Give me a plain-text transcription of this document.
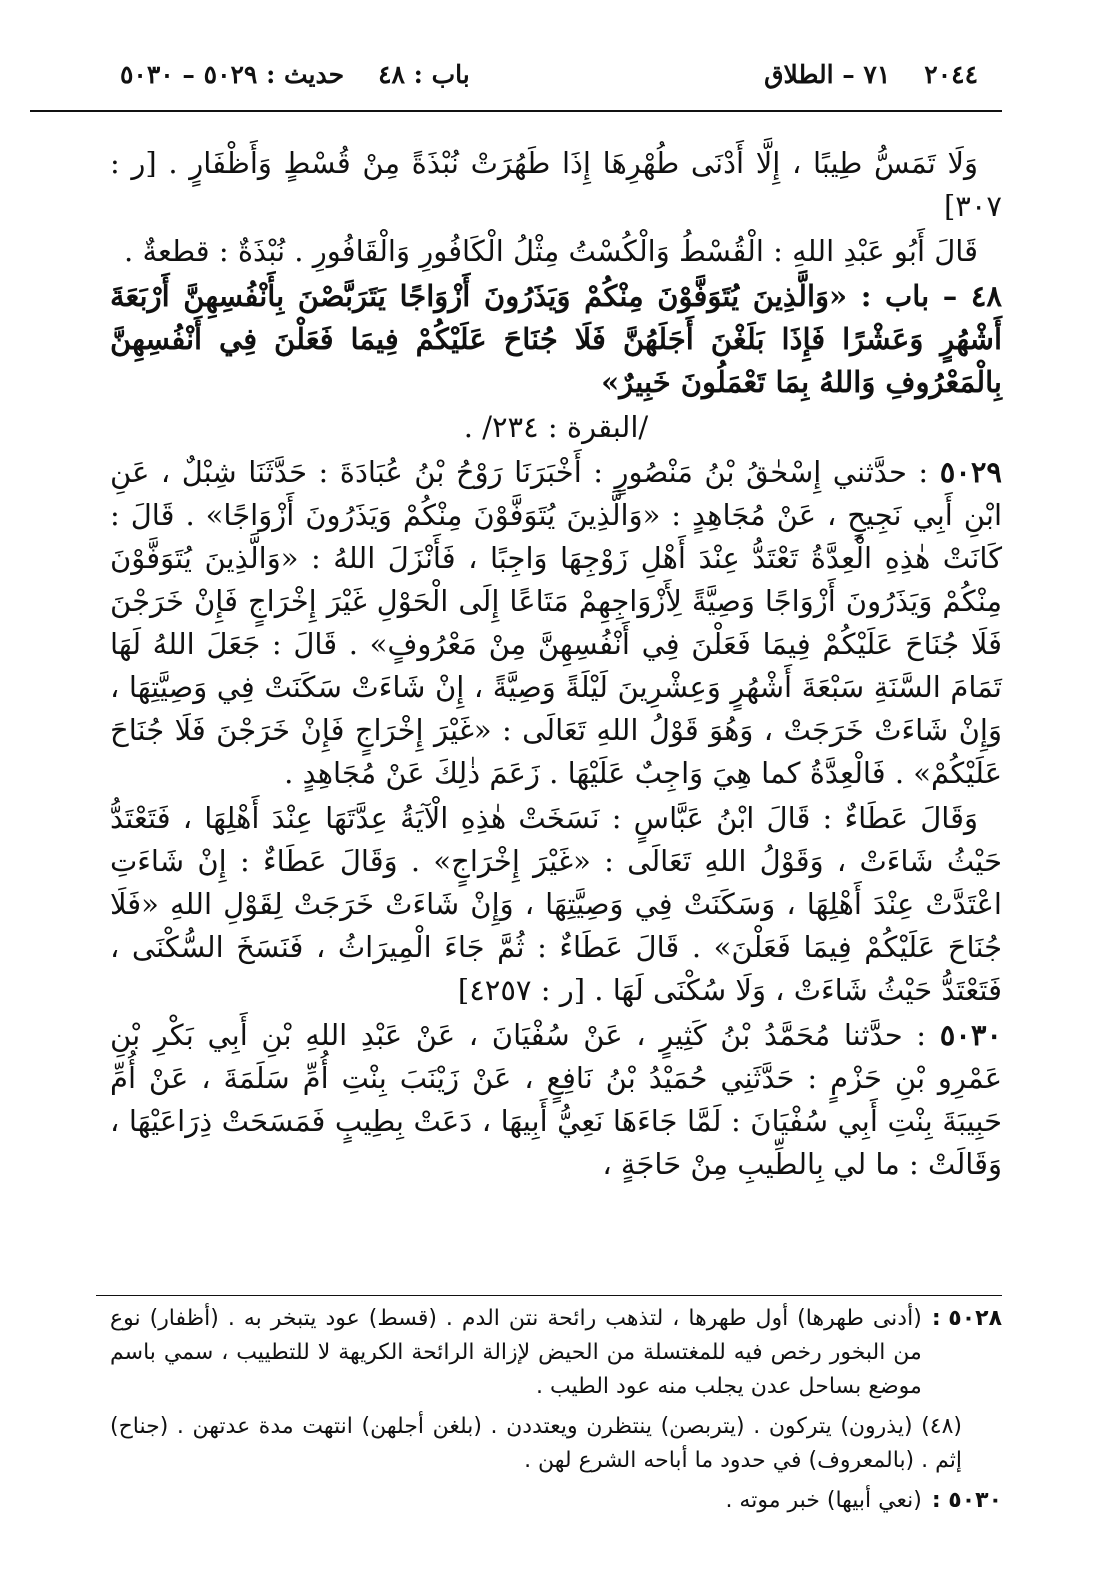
٢٠٤٤
٧١ – الطلاق
باب : ٤٨
حديث : ٥٠٢٩ – ٥٠٣٠

وَلَا تَمَسُّ طِيبًا ، إِلَّا أَدْنَى طُهْرِهَا إِذَا طَهُرَتْ نُبْذَةً مِنْ قُسْطٍ وَأَظْفَارٍ . [ر : ٣٠٧]

قَالَ أَبُو عَبْدِ اللهِ : الْقُسْطُ وَالْكُسْتُ مِثْلُ الْكَافُورِ وَالْقَافُورِ . نُبْذَةٌ : قطعةٌ .

٤٨ – باب : «وَالَّذِينَ يُتَوَفَّوْنَ مِنْكُمْ وَيَذَرُونَ أَزْوَاجًا يَتَرَبَّصْنَ بِأَنْفُسِهِنَّ أَرْبَعَةَ أَشْهُرٍ وَعَشْرًا فَإِذَا بَلَغْنَ أَجَلَهُنَّ فَلَا جُنَاحَ عَلَيْكُمْ فِيمَا فَعَلْنَ فِي أَنْفُسِهِنَّ بِالْمَعْرُوفِ وَاللهُ بِمَا تَعْمَلُونَ خَبِيرٌ»

/البقرة : ٢٣٤/ .

٥٠٢٩ : حدَّثني إِسْحٰقُ بْنُ مَنْصُورٍ : أَخْبَرَنَا رَوْحُ بْنُ عُبَادَةَ : حَدَّثَنَا شِبْلٌ ، عَنِ ابْنِ أَبِي نَجِيحٍ ، عَنْ مُجَاهِدٍ : «وَالَّذِينَ يُتَوَفَّوْنَ مِنْكُمْ وَيَذَرُونَ أَزْوَاجًا» . قَالَ : كَانَتْ هٰذِهِ الْعِدَّةُ تَعْتَدُّ عِنْدَ أَهْلِ زَوْجِهَا وَاجِبًا ، فَأَنْزَلَ اللهُ : «وَالَّذِينَ يُتَوَفَّوْنَ مِنْكُمْ وَيَذَرُونَ أَزْوَاجًا وَصِيَّةً لِأَزْوَاجِهِمْ مَتَاعًا إِلَى الْحَوْلِ غَيْرَ إِخْرَاجٍ فَإِنْ خَرَجْنَ فَلَا جُنَاحَ عَلَيْكُمْ فِيمَا فَعَلْنَ فِي أَنْفُسِهِنَّ مِنْ مَعْرُوفٍ» . قَالَ : جَعَلَ اللهُ لَهَا تَمَامَ السَّنَةِ سَبْعَةَ أَشْهُرٍ وَعِشْرِينَ لَيْلَةً وَصِيَّةً ، إِنْ شَاءَتْ سَكَنَتْ فِي وَصِيَّتِهَا ، وَإِنْ شَاءَتْ خَرَجَتْ ، وَهُوَ قَوْلُ اللهِ تَعَالَى : «غَيْرَ إِخْرَاجٍ فَإِنْ خَرَجْنَ فَلَا جُنَاحَ عَلَيْكُمْ» . فَالْعِدَّةُ كما هِيَ وَاجِبٌ عَلَيْهَا . زَعَمَ ذٰلِكَ عَنْ مُجَاهِدٍ .

وَقَالَ عَطَاءٌ : قَالَ ابْنُ عَبَّاسٍ : نَسَخَتْ هٰذِهِ الْآيَةُ عِدَّتَهَا عِنْدَ أَهْلِهَا ، فَتَعْتَدُّ حَيْثُ شَاءَتْ ، وَقَوْلُ اللهِ تَعَالَى : «غَيْرَ إِخْرَاجٍ» . وَقَالَ عَطَاءٌ : إِنْ شَاءَتِ اعْتَدَّتْ عِنْدَ أَهْلِهَا ، وَسَكَنَتْ فِي وَصِيَّتِهَا ، وَإِنْ شَاءَتْ خَرَجَتْ لِقَوْلِ اللهِ «فَلَا جُنَاحَ عَلَيْكُمْ فِيمَا فَعَلْنَ» . قَالَ عَطَاءٌ : ثُمَّ جَاءَ الْمِيرَاثُ ، فَنَسَخَ السُّكْنَى ، فَتَعْتَدُّ حَيْثُ شَاءَتْ ، وَلَا سُكْنَى لَهَا . [ر : ٤٢٥٧]

٥٠٣٠ : حدَّثنا مُحَمَّدُ بْنُ كَثِيرٍ ، عَنْ سُفْيَانَ ، عَنْ عَبْدِ اللهِ بْنِ أَبِي بَكْرِ بْنِ عَمْرِو بْنِ حَزْمٍ : حَدَّثَنِي حُمَيْدُ بْنُ نَافِعٍ ، عَنْ زَيْنَبَ بِنْتِ أُمِّ سَلَمَةَ ، عَنْ أُمِّ حَبِيبَةَ بِنْتِ أَبِي سُفْيَانَ : لَمَّا جَاءَهَا نَعِيُّ أَبِيهَا ، دَعَتْ بِطِيبٍ فَمَسَحَتْ ذِرَاعَيْهَا ، وَقَالَتْ : ما لي بِالطِّيبِ مِنْ حَاجَةٍ ،

٥٠٢٨ :
(أدنى طهرها) أول طهرها ، لتذهب رائحة نتن الدم . (قسط) عود يتبخر به . (أظفار) نوع من البخور رخص فيه للمغتسلة من الحيض لإزالة الرائحة الكريهة لا للتطييب ، سمي باسم موضع بساحل عدن يجلب منه عود الطيب .
(٤٨) (يذرون) يتركون . (يتربصن) ينتظرن ويعتددن . (بلغن أجلهن) انتهت مدة عدتهن . (جناح) إثم . (بالمعروف) في حدود ما أباحه الشرع لهن .
٥٠٣٠ :
(نعي أبيها) خبر موته .
